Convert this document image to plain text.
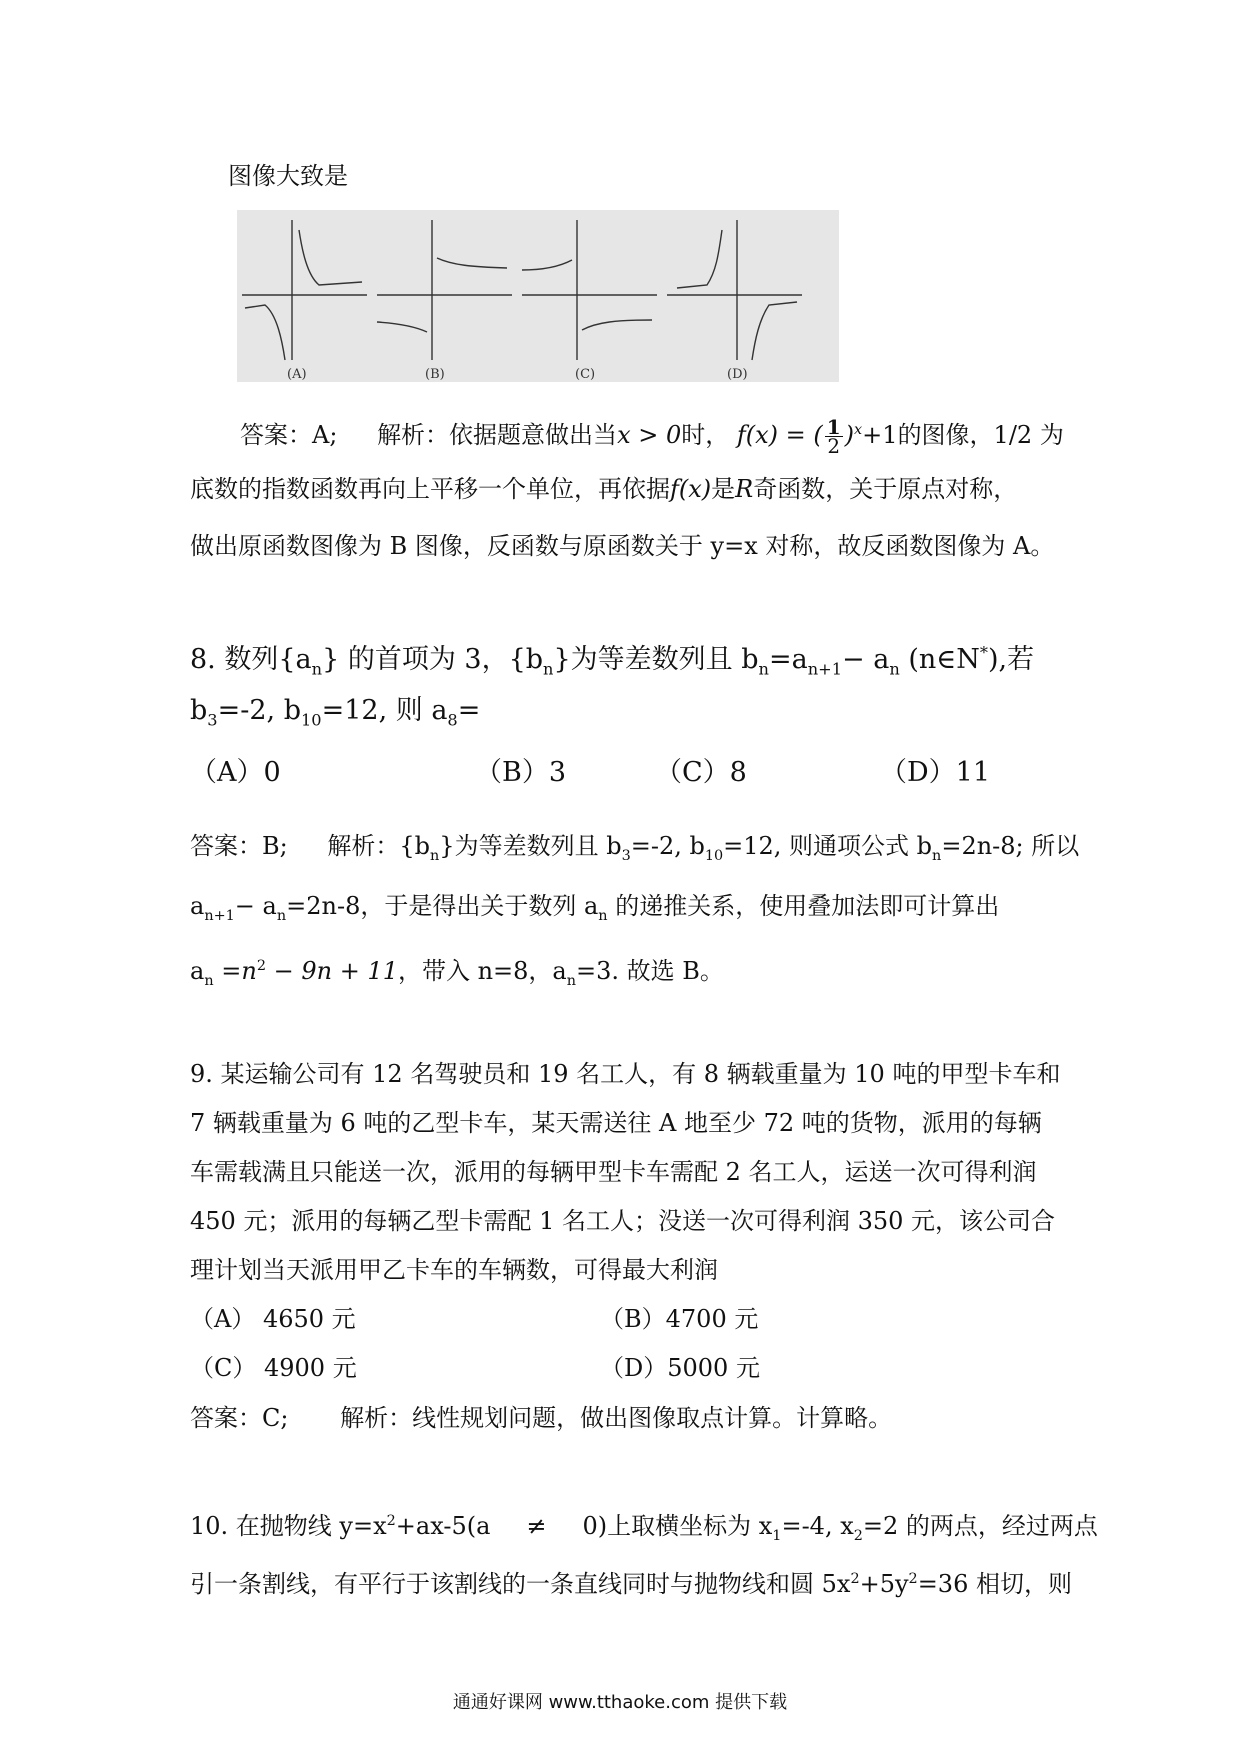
图像大致是
(A)	(B)	(C)	(D)
答案：A; 解析：依据题意做出当x > 0时， f(x) = ( $\frac{1}{2} )^x+1$的图像，1/2 为
底数的指数函数再向上平移一个单位，再依据f(x)是R奇函数，关于原点对称，
做出原函数图像为 B 图像，反函数与原函数关于 y=x 对称，故反函数图像为 A。
8. 数列$\{a_n\}$ 的首项为 3，$\{b_n\}$为等差数列且 $b_n=a_{n+1}- a_n$ (n∈N*),若
$b_3=-2$, $b_{10}=12$, 则 $a_8=$
（A）0	（B）3	（C）8	（D）11
答案：B; 解析：$\{b_n\}$为等差数列且 $b_3=-2$, $b_{10}=12$, 则通项公式 $b_n=2n-8$; 所以
$a_{n+1}- a_n=2n-8$，于是得出关于数列 $a_n$ 的递推关系，使用叠加法即可计算出
$a_n =n^2 - 9n + 11$，带入 n=8，$a_n=3$. 故选 B。
9. 某运输公司有 12 名驾驶员和 19 名工人，有 8 辆载重量为 10 吨的甲型卡车和
7 辆载重量为 6 吨的乙型卡车，某天需送往 A 地至少 72 吨的货物，派用的每辆
车需载满且只能送一次，派用的每辆甲型卡车需配 2 名工人，运送一次可得利润
450 元；派用的每辆乙型卡需配 1 名工人；没送一次可得利润 350 元，该公司合
理计划当天派用甲乙卡车的车辆数，可得最大利润
（A） 4650 元	（B）4700 元
（C） 4900 元	（D）5000 元
答案：C; 解析：线性规划问题，做出图像取点计算。计算略。
10. 在抛物线 $y=x^2+ax-5(a \ne 0)$上取横坐标为 $x_1=-4$, $x_2=2$ 的两点，经过两点
引一条割线，有平行于该割线的一条直线同时与抛物线和圆 $5x^2+5y^2=36$ 相切，则
通通好课网 www.tthaoke.com 提供下载
